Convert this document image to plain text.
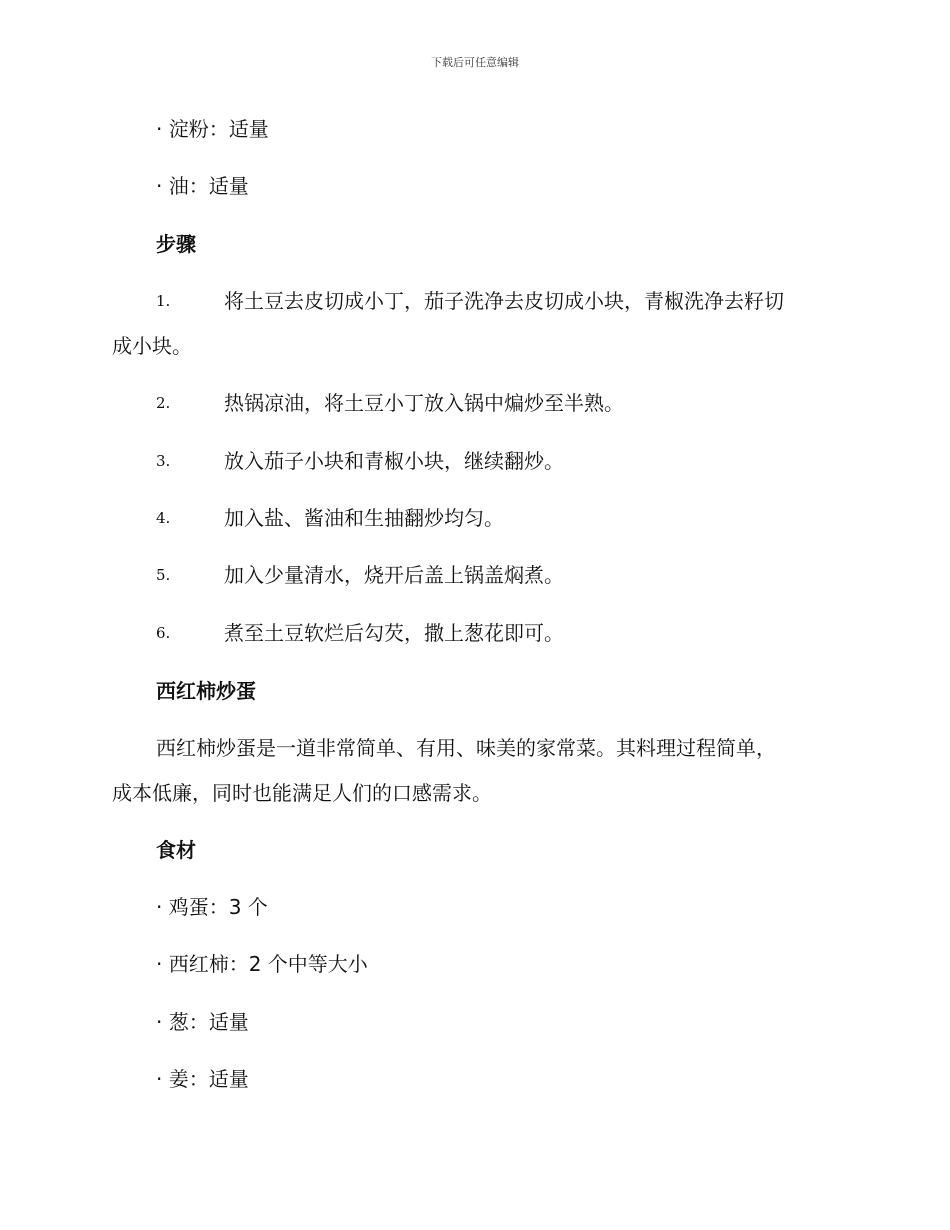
下载后可任意编辑
· 淀粉：适量
· 油：适量
步骤
1.	将土豆去皮切成小丁，茄子洗净去皮切成小块，青椒洗净去籽切
成小块。
2.	热锅凉油，将土豆小丁放入锅中煸炒至半熟。
3.	放入茄子小块和青椒小块，继续翻炒。
4.	加入盐、酱油和生抽翻炒均匀。
5.	加入少量清水，烧开后盖上锅盖焖煮。
6.	煮至土豆软烂后勾芡，撒上葱花即可。
西红柿炒蛋
西红柿炒蛋是一道非常简单、有用、味美的家常菜。其料理过程简单，
成本低廉，同时也能满足人们的口感需求。
食材
· 鸡蛋：3 个
· 西红柿：2 个中等大小
· 葱：适量
· 姜：适量
